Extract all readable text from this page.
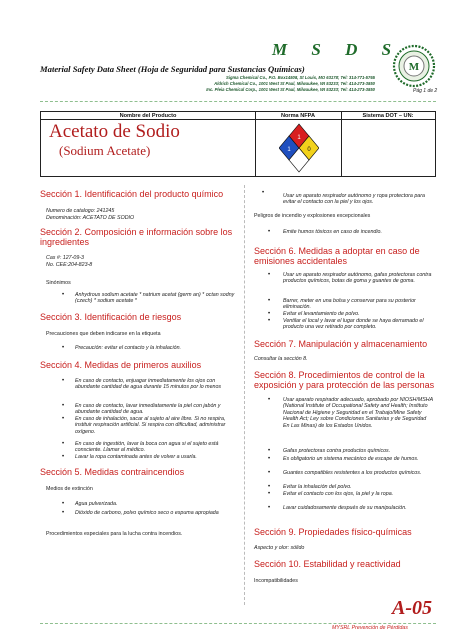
M S D S
Material Safety Data Sheet (Hoja de Seguridad para Sustancias Químicas)
Sigma Chemical Co., P.O. Box14508, St Louis, MO 63178; Tel: 314-771-5765
Aldrich Chemical Co., 1001 West St Paul, Milwaukee, WI 53233; Tel: 414-273-3850
Inc. Pleia Chemical Corp., 1001 West St Paul, Milwaukee, WI 53233; Tel: 414-273-3850
M
Pág 1 de 2
Nombre del Producto	Norma NFPA	Sistema DOT – UN:
Acetato de Sodio
(Sodium Acetate)
1
1	0
Sección 1. Identificación del producto químico
Numero de catalogo: 241245
Denominación: ACETATO DE SODIO
Sección 2. Composición e información sobre los ingredientes
Cas #: 127-09-3
No. CEE:204-823-8
Sinónimos
• Anhydrous sodium acetate * natrium acetat (germ an) * octan sodny (czech) * sodium acetate *
Sección 3. Identificación de riesgos
Precauciones que deben indicarse en la etiqueta
• Precaución: evitar el contacto y la inhalación.
Sección 4. Medidas de primeros auxilios
• En caso de contacto, enjuagar inmediatamente los ojos con abundante cantidad de agua durante 15 minutos por lo menos
• En caso de contacto, lavar inmediatamente la piel con jabón y abundante cantidad de agua.
• En caso de inhalación, sacar al sujeto al aire libre. Si no respira, instituir respiración artificial. Si respira con dificultad, administrar oxígeno.
• En caso de ingestión, lavar la boca con agua si el sujeto está consciente. Llamar al médico.
• Lavar la ropa contaminada antes de volver a usarla.
Sección 5. Medidas contraincendios
Medios de extinción
• Agua pulverizada.
• Dióxido de carbono, polvo químico seco o espuma apropiada
Procedimientos especiales para la lucha contra incendios.
•	Usar un aparato respirador autónomo y ropa protectora para evitar el contacto con la piel y los ojos.
Peligros de incendio y explosiones excepcionales
• Emite humos tóxicos en caso de incendio.
Sección 6. Medidas a adoptar en caso de emisiones accidentales
• Usar un aparato respirador autónomo, gafas protectoras contra productos químicos, botas de goma y guantes de goma.
• Barrer, meter en una bolsa y conservar para su posterior eliminación.
• Evitar el levantamiento de polvo.
• Ventilar el local y lavar el lugar donde se haya derramado el producto una vez retirado por completo.
Sección 7. Manipulación y almacenamiento
Consultar la sección 8.
Sección 8. Procedimientos de control de la exposición y para protección de las personas
• Usar aparato respirador adecuado, aprobado por NIOSH/MSHA (National Institute of Occupational Safety and Health; Instituto Nacional de Higiene y Seguridad en el Trabajo/Mine Safety Health Act; Ley sobre Condiciones Sanitarias y de Seguridad En Las Minas) de los Estados Unidos.
• Gafas protectoras contra productos químicos.
• Es obligatorio un sistema mecánico de escape de humos.
• Guantes compatibles resistentes a los productos químicos.
• Evitar la inhalación del polvo.
• Evitar el contacto con los ojos, la piel y la ropa.
• Lavar cuidadosamente después de su manipulación.
Sección 9. Propiedades físico-químicas
Aspecto y olor: sólido
Sección 10. Estabilidad y reactividad
Incompatibilidades
A-05
MYSRL Prevención de Pérdidas
